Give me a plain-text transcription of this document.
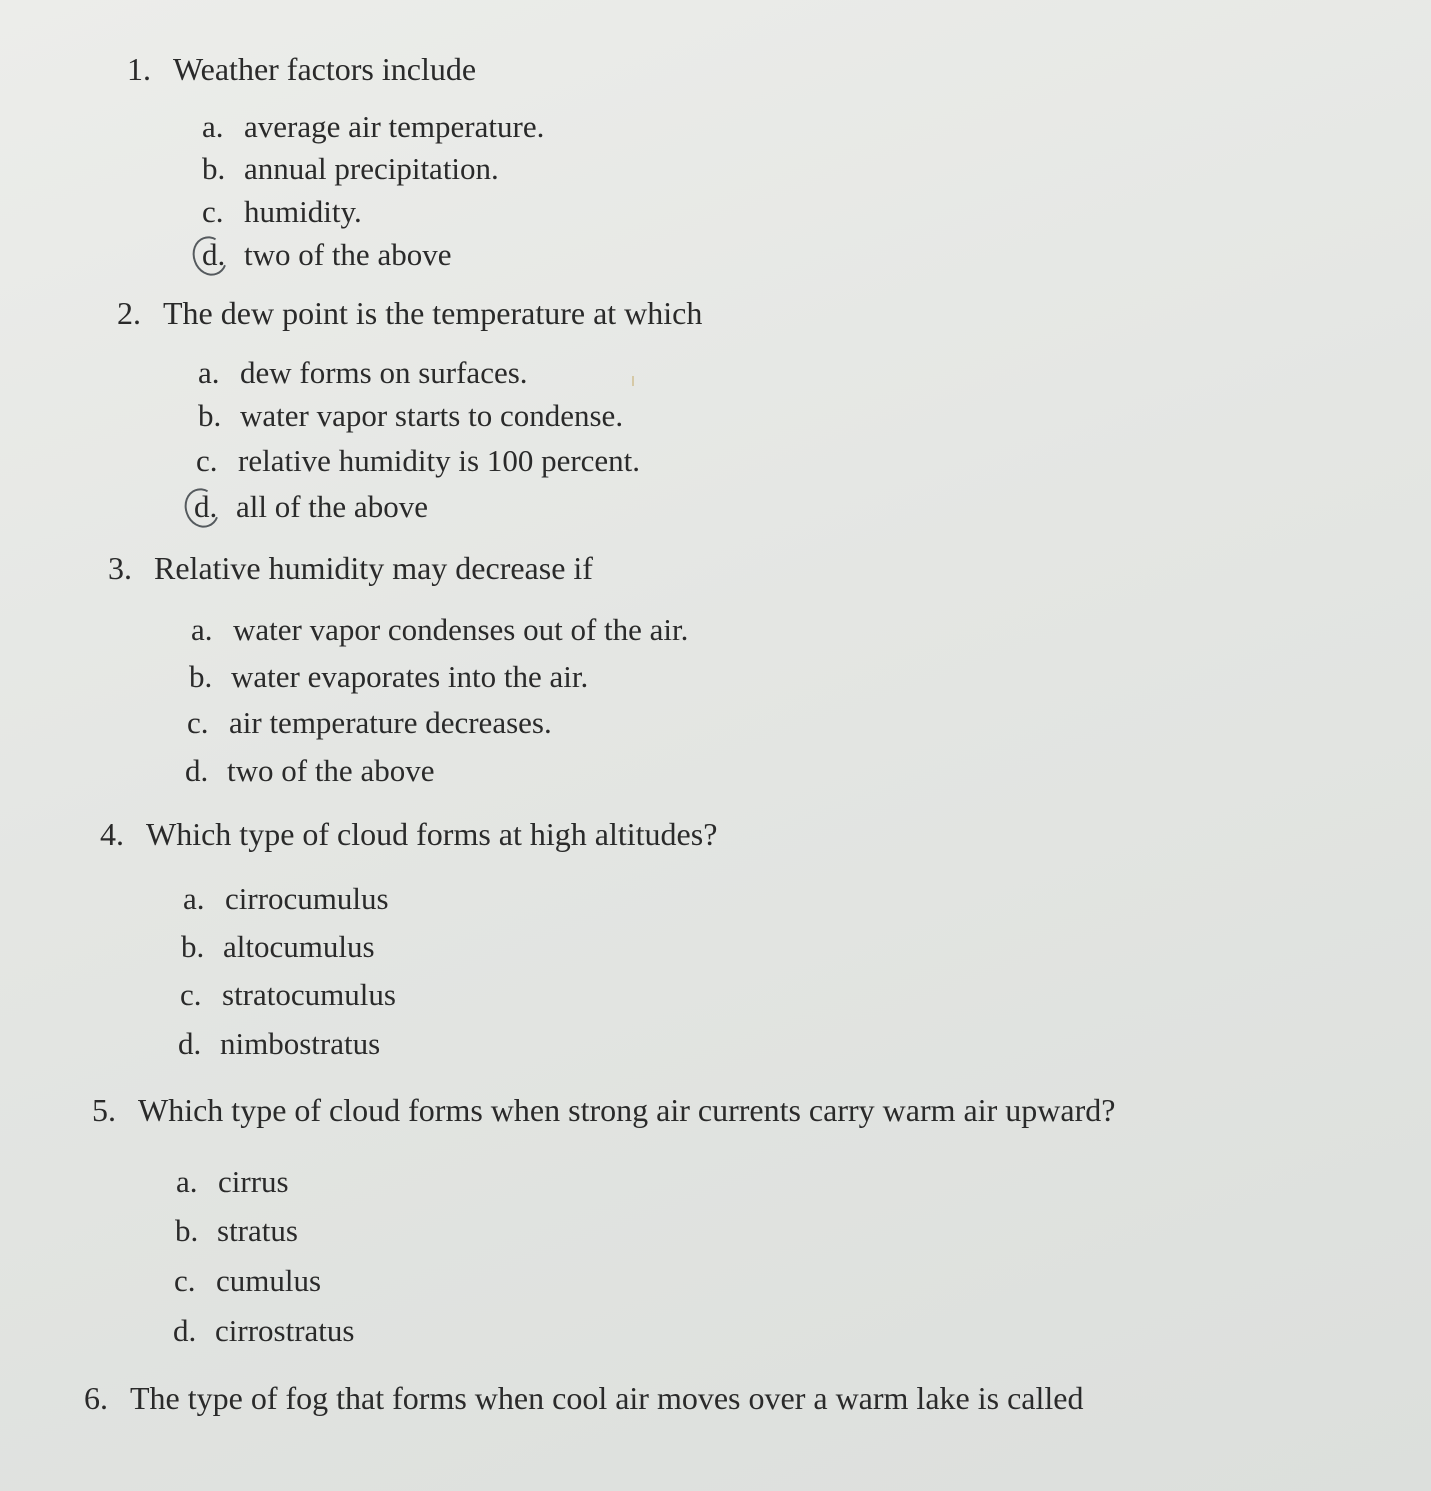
1. Weather factors include
a. average air temperature.
b. annual precipitation.
c. humidity.
d. two of the above
2. The dew point is the temperature at which
a. dew forms on surfaces.
b. water vapor starts to condense.
c. relative humidity is 100 percent.
d. all of the above
3. Relative humidity may decrease if
a. water vapor condenses out of the air.
b. water evaporates into the air.
c. air temperature decreases.
d. two of the above
4. Which type of cloud forms at high altitudes?
a. cirrocumulus
b. altocumulus
c. stratocumulus
d. nimbostratus
5. Which type of cloud forms when strong air currents carry warm air upward?
a. cirrus
b. stratus
c. cumulus
d. cirrostratus
6. The type of fog that forms when cool air moves over a warm lake is called
